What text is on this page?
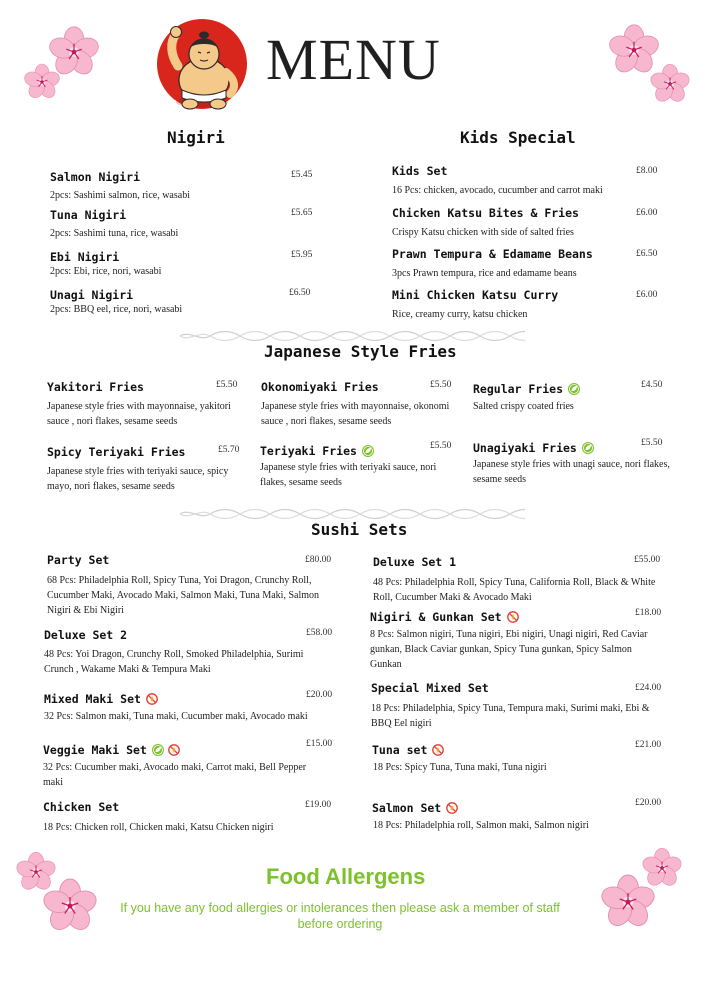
MENU
Nigiri	Kids Special
Japanese Style Fries
Sushi Sets
Salmon Nigiri	£5.45
2pcs: Sashimi salmon, rice, wasabi
Tuna Nigiri	£5.65
2pcs: Sashimi tuna, rice, wasabi
Ebi Nigiri	£5.95
2pcs: Ebi, rice, nori, wasabi
Unagi Nigiri	£6.50
2pcs: BBQ eel, rice, nori, wasabi
Kids Set	£8.00
16 Pcs: chicken, avocado, cucumber and carrot maki
Chicken Katsu Bites & Fries	£6.00
Crispy Katsu chicken with side of salted fries
Prawn Tempura & Edamame Beans	£6.50
3pcs Prawn tempura, rice and edamame beans
Mini Chicken Katsu Curry	£6.00
Rice, creamy curry, katsu chicken
Yakitori Fries	£5.50
Japanese style fries with mayonnaise, yakitori sauce , nori flakes, sesame seeds
Okonomiyaki Fries	£5.50
Japanese style fries with mayonnaise, okonomi sauce , nori flakes, sesame seeds
Regular Fries	£4.50
Salted crispy coated fries
Spicy Teriyaki Fries	£5.70
Japanese style fries with teriyaki sauce, spicy mayo, nori flakes, sesame seeds
Teriyaki Fries	£5.50
Japanese style fries with teriyaki sauce, nori flakes, sesame seeds
Unagiyaki Fries	£5.50
Japanese style fries with unagi sauce, nori flakes, sesame seeds
Party Set	£80.00
68 Pcs: Philadelphia Roll, Spicy Tuna, Yoi Dragon, Crunchy Roll, Cucumber Maki, Avocado Maki, Salmon Maki, Tuna Maki, Salmon Nigiri & Ebi Nigiri
Deluxe Set 2	£58.00
48 Pcs: Yoi Dragon, Crunchy Roll, Smoked Philadelphia, Surimi Crunch , Wakame Maki & Tempura Maki
Mixed Maki Set	£20.00
32 Pcs: Salmon maki, Tuna maki, Cucumber maki, Avocado maki
Veggie Maki Set	£15.00
32 Pcs: Cucumber maki, Avocado maki, Carrot maki, Bell Pepper maki
Chicken Set	£19.00
18 Pcs: Chicken roll, Chicken maki, Katsu Chicken nigiri
Deluxe Set 1	£55.00
48 Pcs: Philadelphia Roll, Spicy Tuna, California Roll, Black & White Roll, Cucumber Maki & Avocado Maki
Nigiri & Gunkan Set	£18.00
8 Pcs: Salmon nigiri, Tuna nigiri, Ebi nigiri, Unagi nigiri, Red Caviar gunkan, Black Caviar gunkan, Spicy Tuna gunkan, Spicy Salmon Gunkan
Special Mixed Set	£24.00
18 Pcs: Philadelphia, Spicy Tuna, Tempura maki, Surimi maki, Ebi & BBQ Eel nigiri
Tuna set	£21.00
18 Pcs: Spicy Tuna, Tuna maki, Tuna nigiri
Salmon Set	£20.00
18 Pcs: Philadelphia roll, Salmon maki, Salmon nigiri
Food Allergens
If you have any food allergies or intolerances then please ask a member of staff before ordering
